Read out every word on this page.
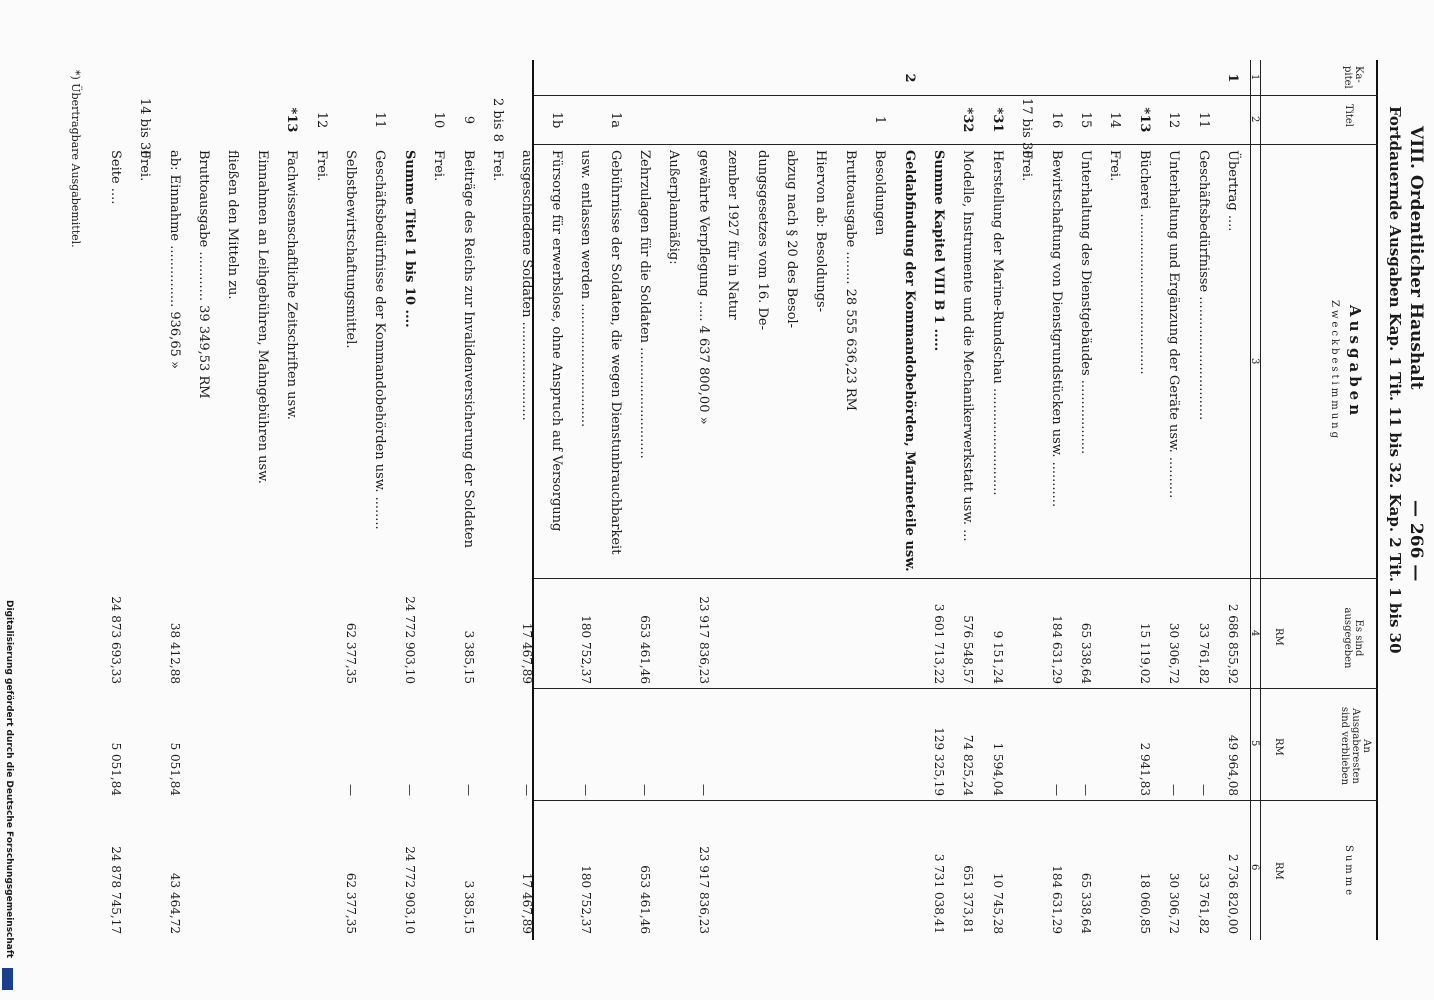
VIII. Ordentlicher Haushalt
— 266 —
Fortdauernde Ausgaben Kap. 1 Tit. 11 bis 32. Kap. 2 Tit. 1 bis 30
Ka-pitel
Titel
Ausgaben
Zweckbestimmung
Es sind ausgegeben
An Ausgaberesten sind verblieben
Summe
RM
RM
RM
1
2
3
4
5
6
1
Übertrag ....
2 686 855,92
49 964,08
2 736 820,00
11
Geschäftsbedürfnisse ..............................
33 761,82
—
33 761,82
12
Unterhaltung und Ergänzung der Geräte usw. ..........
30 306,72
—
30 306,72
*13
Bücherei .......................................
15 119,02
2 941,83
18 060,85
14
Frei.
15
Unterhaltung des Dienstgebäudes ..................
65 338,64
—
65 338,64
16
Bewirtschaftung von Dienstgrundstücken usw. ...........
184 631,29
—
184 631,29
17 bis 30
Frei.
*31
Herstellung der Marine-Rundschau ..........................
9 151,24
1 594,04
10 745,28
*32
Modelle, Instrumente und die Mechanikerwerkstatt usw. ...
576 548,57
74 825,24
651 373,81
Summe Kapitel VIII B 1 .....
3 601 713,22
129 325,19
3 731 038,41
2
Geldabfindung der Kommandobehörden, Marineteile usw.
1
Besoldungen
Bruttoausgabe ........ 28 555 636,23 RM
Hiervon ab: Besoldungs-
abzug nach § 20 des Besol-
dungsgesetzes vom 16. De-
zember 1927 für in Natur
gewährte Verpflegung ..... 4 637 800,00 »
23 917 836,23
—
23 917 836,23
Außerplanmäßig:
Zehrzulagen für die Soldaten ...........................
653 461,46
—
653 461,46
1a
Gebührnisse der Soldaten, die wegen Dienstunbrauchbarkeit
usw. entlassen werden ..............................
180 752,37
—
180 752,37
1b
Fürsorge für erwerbslose, ohne Anspruch auf Versorgung
ausgeschiedene Soldaten ........................
17 467,89
—
17 467,89
2 bis 8
Frei.
9
Beiträge des Reichs zur Invalidenversicherung der Soldaten
3 385,15
—
3 385,15
10
Frei.
Summe Titel 1 bis 10 ....
24 772 903,10
—
24 772 903,10
11
Geschäftsbedürfnisse der Kommandobehörden usw. ........
Selbstbewirtschaftungsmittel.
62 377,35
—
62 377,35
12
Frei.
*13
Fachwissenschaftliche Zeitschriften usw.
Einnahmen an Leihgebühren, Mahngebühren usw.
fließen den Mitteln zu.
Bruttoausgabe ............ 39 349,53 RM
ab: Einnahme ............... 936,65 »
38 412,88
5 051,84
43 464,72
14 bis 30
Frei.
Seite ....
24 873 693,33
5 051,84
24 878 745,17
*) Übertragbare Ausgabemittel.
Digitalisierung gefördert durch die Deutsche Forschungsgemeinschaft
